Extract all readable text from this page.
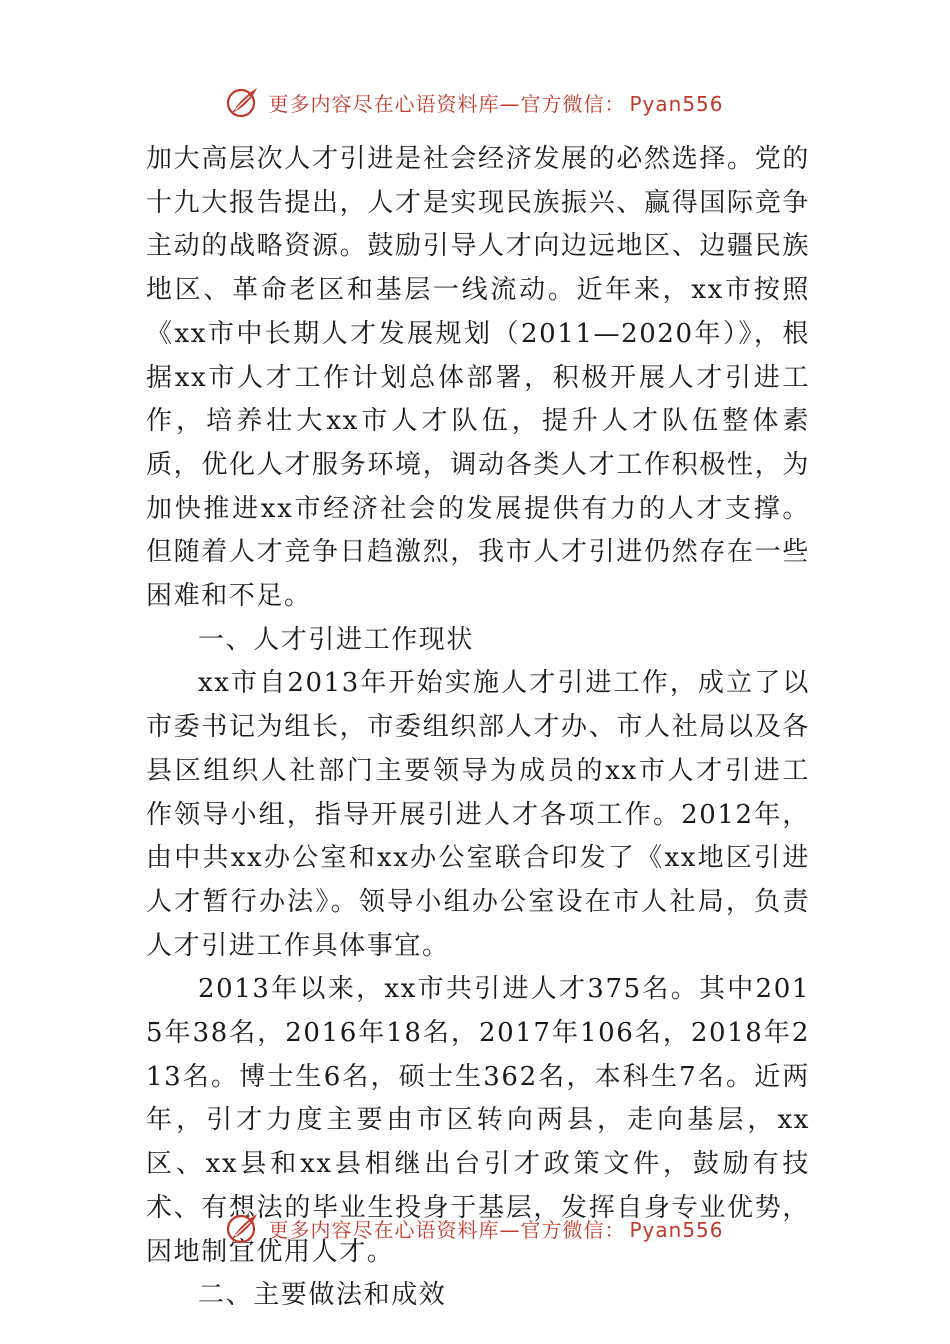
更多内容尽在心语资料库—官方微信： Pyan556

加大高层次人才引进是社会经济发展的必然选择。党的十九大报告提出，人才是实现民族振兴、赢得国际竞争主动的战略资源。鼓励引导人才向边远地区、边疆民族地区、革命老区和基层一线流动。近年来，xx市按照《xx市中长期人才发展规划（2011—2020年）》，根据xx市人才工作计划总体部署，积极开展人才引进工作，培养壮大xx市人才队伍，提升人才队伍整体素质，优化人才服务环境，调动各类人才工作积极性，为加快推进xx市经济社会的发展提供有力的人才支撑。但随着人才竞争日趋激烈，我市人才引进仍然存在一些困难和不足。

一、人才引进工作现状

xx市自2013年开始实施人才引进工作，成立了以市委书记为组长，市委组织部人才办、市人社局以及各县区组织人社部门主要领导为成员的xx市人才引进工作领导小组，指导开展引进人才各项工作。2012年，由中共xx办公室和xx办公室联合印发了《xx地区引进人才暂行办法》。领导小组办公室设在市人社局，负责人才引进工作具体事宜。

2013年以来，xx市共引进人才375名。其中2015年38名，2016年18名，2017年106名，2018年213名。博士生6名，硕士生362名，本科生7名。近两年，引才力度主要由市区转向两县，走向基层，xx区、xx县和xx县相继出台引才政策文件，鼓励有技术、有想法的毕业生投身于基层，发挥自身专业优势，因地制宜优用人才。

二、主要做法和成效

更多内容尽在心语资料库—官方微信： Pyan556
